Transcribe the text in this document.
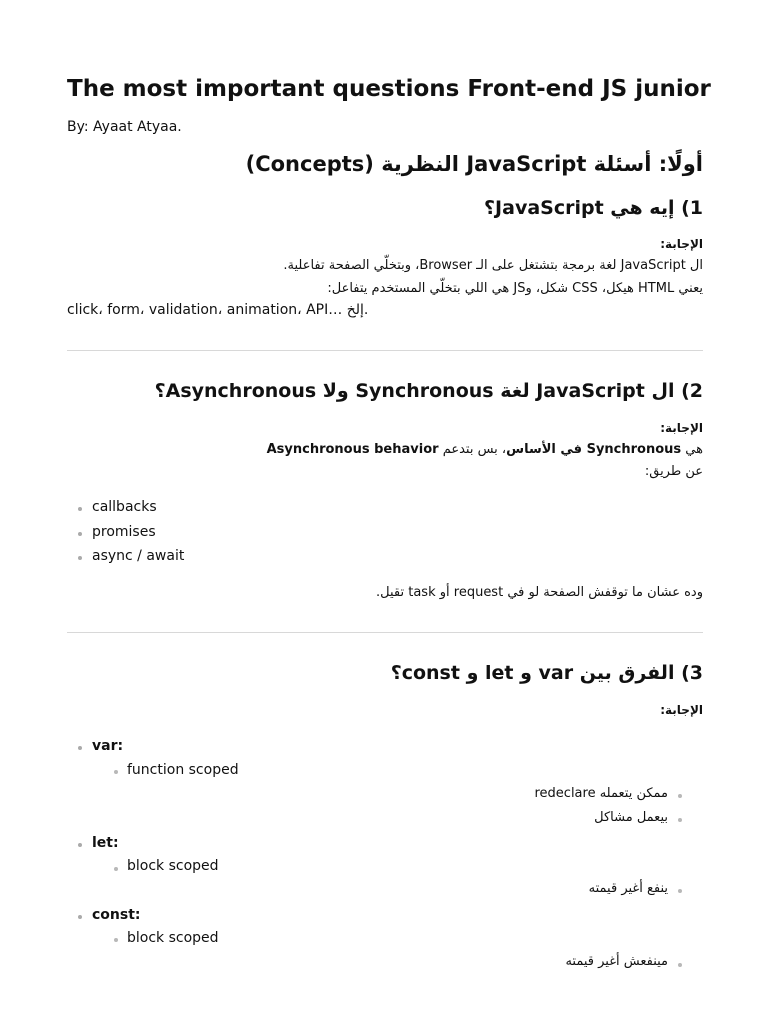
The most important questions Front-end JS junior
By: Ayaat Atyaa.
أولًا: أسئلة JavaScript النظرية (Concepts)
1) إيه هي JavaScript؟
الإجابة:
ال JavaScript لغة برمجة بتشتغل على الـ Browser، وبتخلّي الصفحة تفاعلية.
يعني HTML هيكل، CSS شكل، وJS هي اللي بتخلّي المستخدم يتفاعل:
click، form، validation، animation، API… إلخ.
2) ال JavaScript لغة Synchronous ولا Asynchronous؟
الإجابة:
هي Synchronous في الأساس، بس بتدعم Asynchronous behavior
عن طريق:
callbacks
promises
async / await
وده عشان ما توقفش الصفحة لو في request أو task تقيل.
3) الفرق بين var و let و const؟
الإجابة:
var:
function scoped
ممكن يتعمله redeclare
بيعمل مشاكل
let:
block scoped
ينفع أغير قيمته
const:
block scoped
مينفعش أغير قيمته
